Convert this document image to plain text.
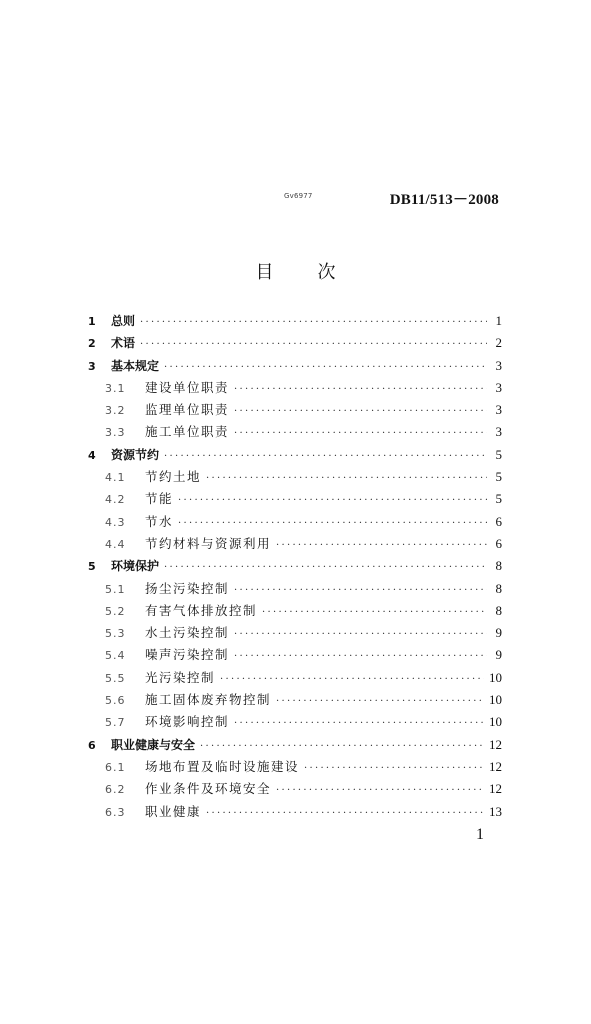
Gv6977	DB11/513－2008
目次
1	总则 ·····	1
2	术语 ·····	2
3	基本规定 ·····	3
3.1	建设单位职责 ·····	3
3.2	监理单位职责 ·····	3
3.3	施工单位职责 ·····	3
4	资源节约 ·····	5
4.1	节约土地 ·····	5
4.2	节能 ·····	5
4.3	节水 ·····	6
4.4	节约材料与资源利用 ·····	6
5	环境保护 ·····	8
5.1	扬尘污染控制 ·····	8
5.2	有害气体排放控制 ·····	8
5.3	水土污染控制 ·····	9
5.4	噪声污染控制 ·····	9
5.5	光污染控制 ·····	10
5.6	施工固体废弃物控制 ·····	10
5.7	环境影响控制 ·····	10
6	职业健康与安全 ·····	12
6.1	场地布置及临时设施建设 ·····	12
6.2	作业条件及环境安全 ·····	12
6.3	职业健康 ·····	13
1
